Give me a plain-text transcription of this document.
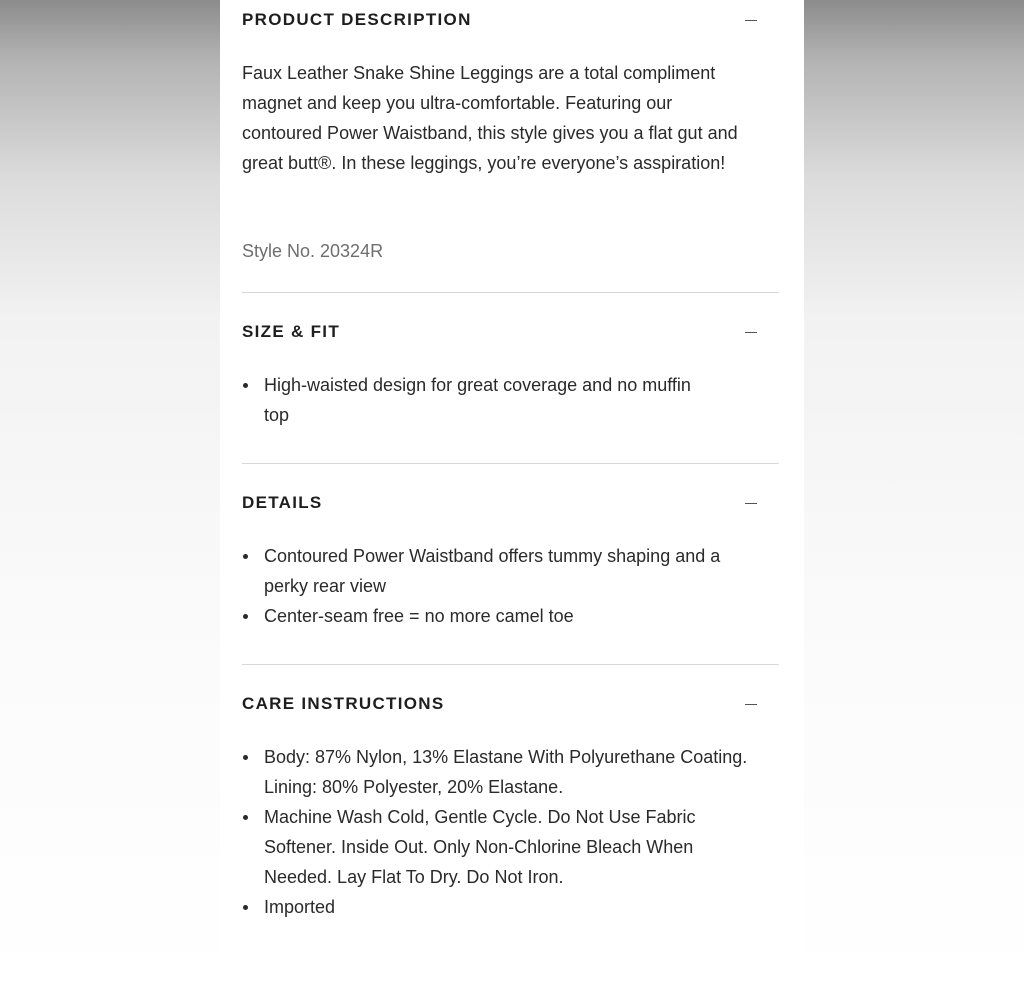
PRODUCT DESCRIPTION
Faux Leather Snake Shine Leggings are a total compliment magnet and keep you ultra-comfortable. Featuring our contoured Power Waistband, this style gives you a flat gut and great butt®. In these leggings, you’re everyone’s asspiration!
Style No. 20324R
SIZE & FIT
High-waisted design for great coverage and no muffin top
DETAILS
Contoured Power Waistband offers tummy shaping and a perky rear view
Center-seam free = no more camel toe
CARE INSTRUCTIONS
Body: 87% Nylon, 13% Elastane With Polyurethane Coating. Lining: 80% Polyester, 20% Elastane.
Machine Wash Cold, Gentle Cycle. Do Not Use Fabric Softener. Inside Out. Only Non-Chlorine Bleach When Needed. Lay Flat To Dry. Do Not Iron.
Imported
